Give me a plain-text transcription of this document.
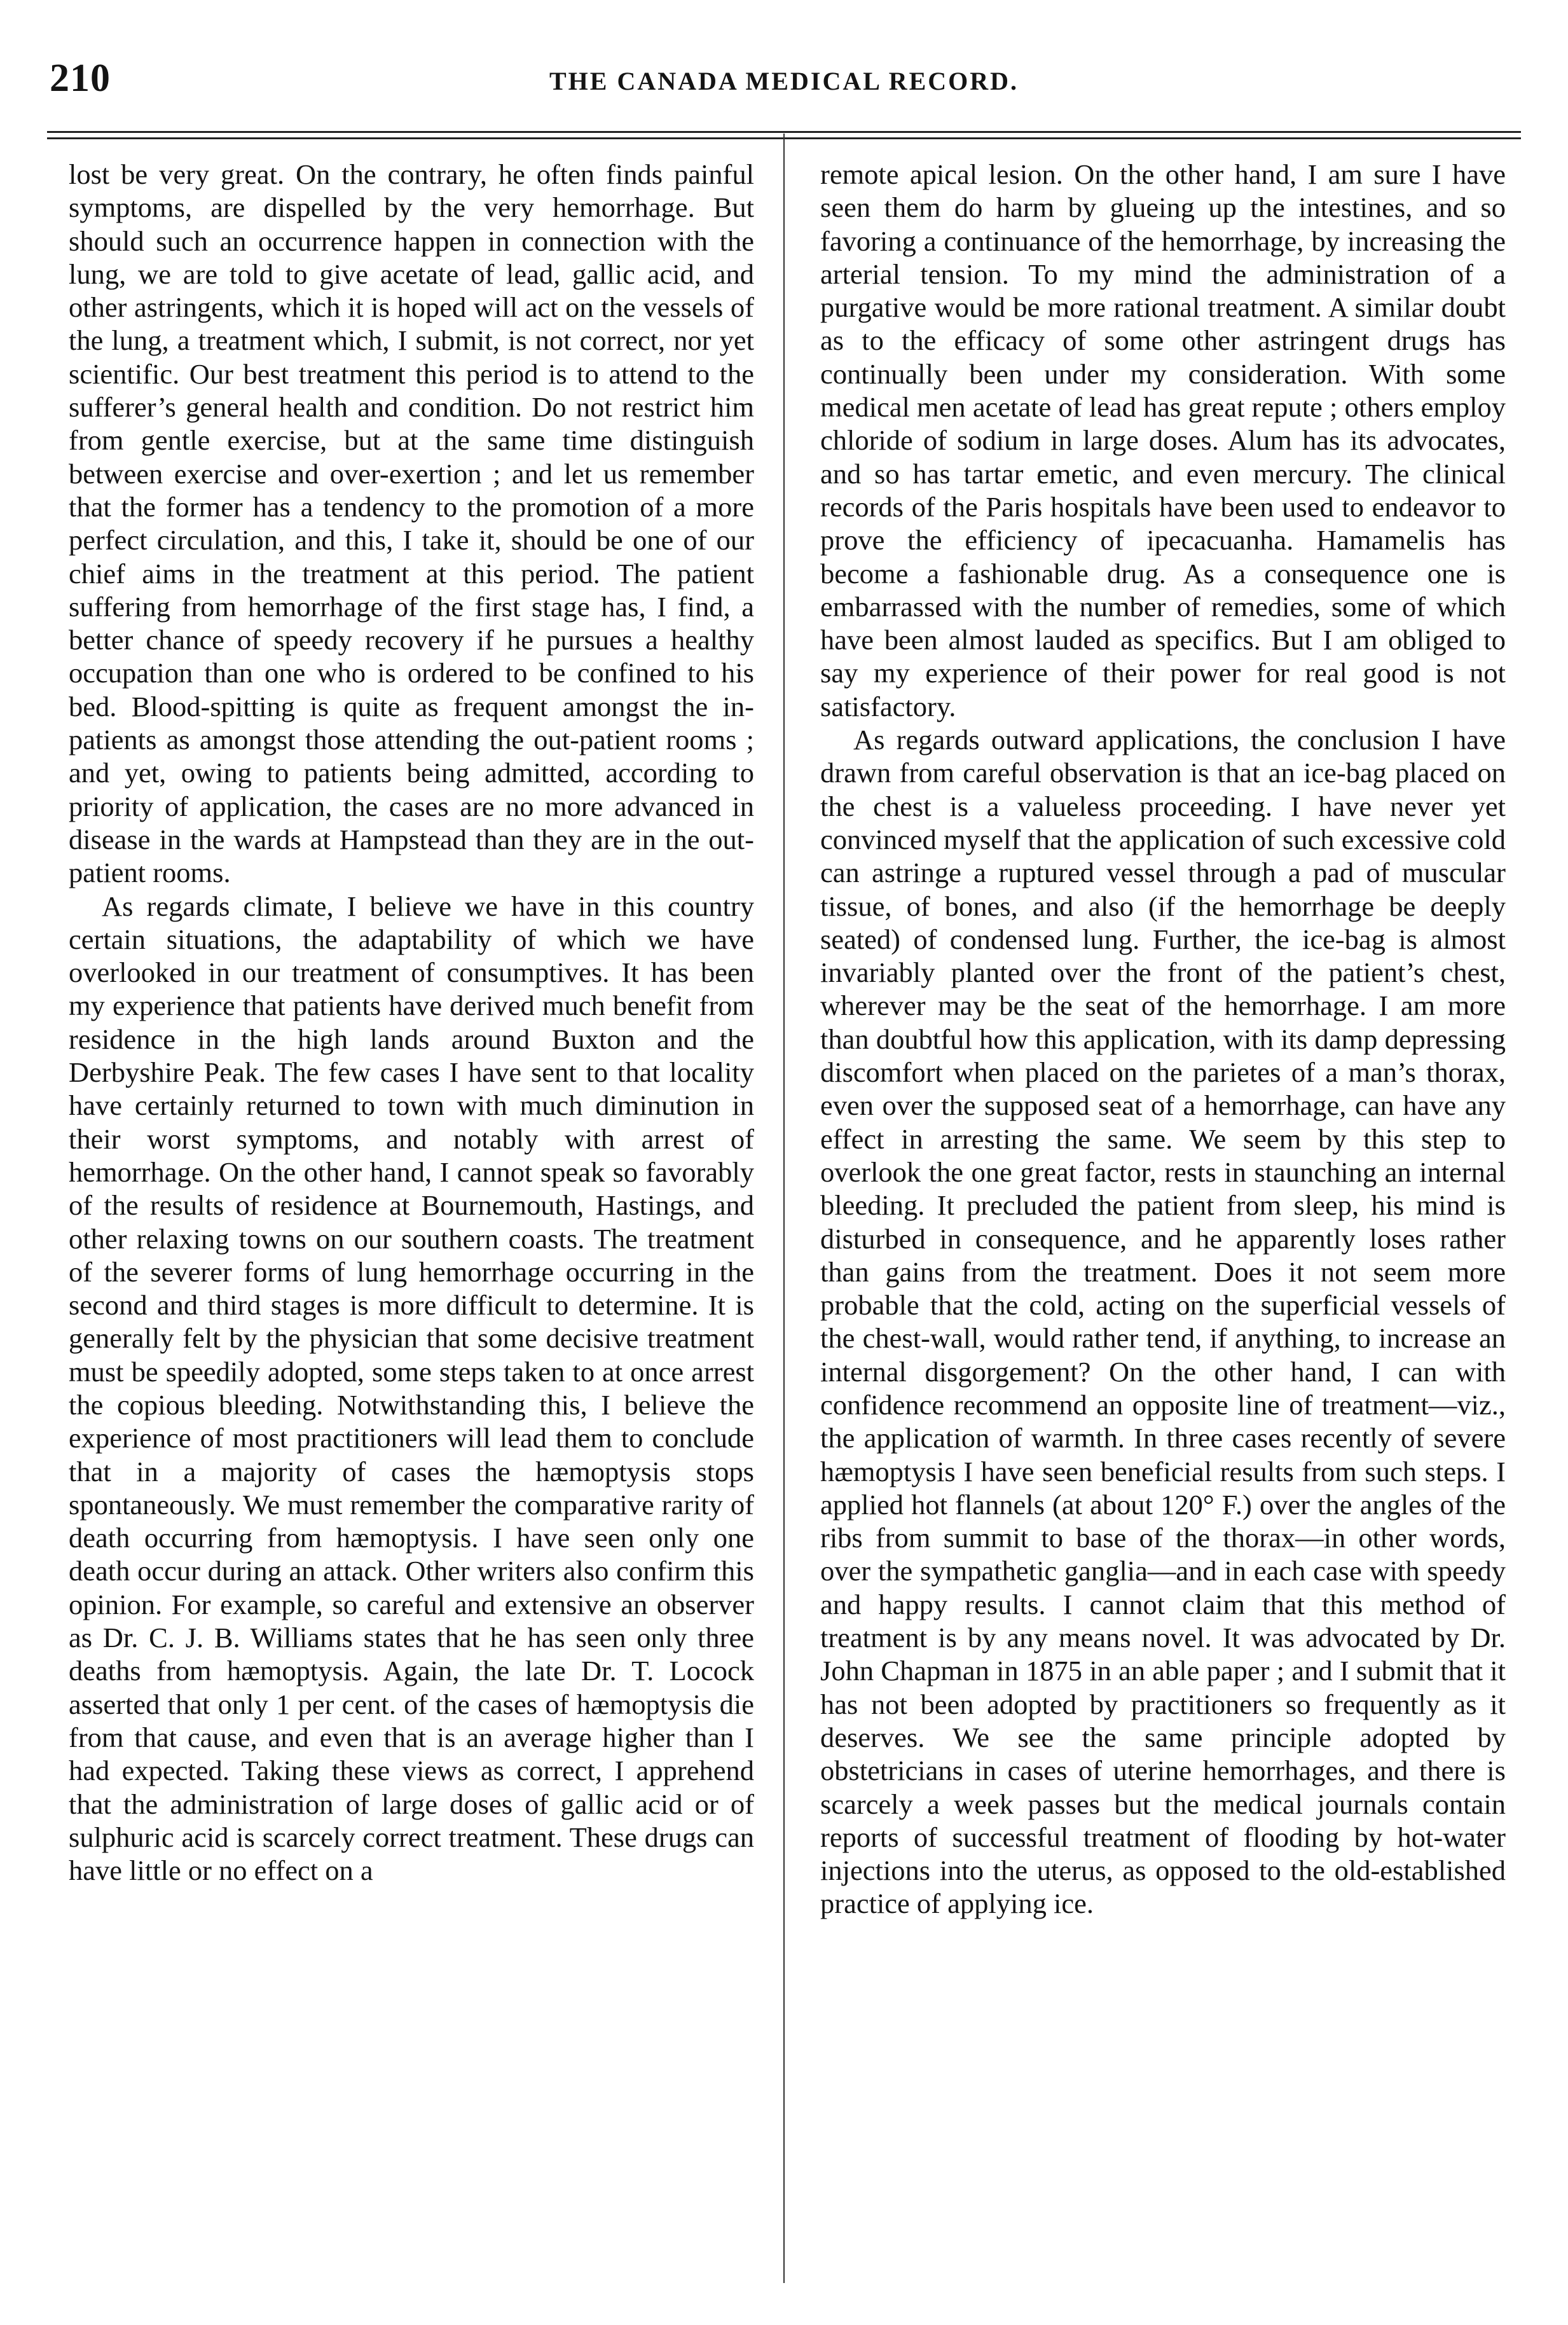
210	THE CANADA MEDICAL RECORD.

lost be very great. On the contrary, he often finds painful symptoms, are dispelled by the very hemorrhage. But should such an occurrence happen in connection with the lung, we are told to give acetate of lead, gallic acid, and other astringents, which it is hoped will act on the vessels of the lung, a treatment which, I submit, is not correct, nor yet scientific. Our best treatment this period is to attend to the sufferer’s general health and condition. Do not restrict him from gentle exercise, but at the same time distinguish between exercise and over-exertion ; and let us remember that the former has a tendency to the promotion of a more perfect circulation, and this, I take it, should be one of our chief aims in the treatment at this period. The patient suffering from hemorrhage of the first stage has, I find, a better chance of speedy recovery if he pursues a healthy occupation than one who is ordered to be confined to his bed. Blood-spitting is quite as frequent amongst the in-patients as amongst those attending the out-patient rooms ; and yet, owing to patients being admitted, according to priority of application, the cases are no more advanced in disease in the wards at Hampstead than they are in the out-patient rooms.

As regards climate, I believe we have in this country certain situations, the adaptability of which we have overlooked in our treatment of consumptives. It has been my experience that patients have derived much benefit from residence in the high lands around Buxton and the Derbyshire Peak. The few cases I have sent to that locality have certainly returned to town with much diminution in their worst symptoms, and notably with arrest of hemorrhage. On the other hand, I cannot speak so favorably of the results of residence at Bournemouth, Hastings, and other relaxing towns on our southern coasts. The treatment of the severer forms of lung hemorrhage occurring in the second and third stages is more difficult to determine. It is generally felt by the physician that some decisive treatment must be speedily adopted, some steps taken to at once arrest the copious bleeding. Notwithstanding this, I believe the experience of most practitioners will lead them to conclude that in a majority of cases the hæmoptysis stops spontaneously. We must remember the comparative rarity of death occurring from hæmoptysis. I have seen only one death occur during an attack. Other writers also confirm this opinion. For example, so careful and extensive an observer as Dr. C. J. B. Williams states that he has seen only three deaths from hæmoptysis. Again, the late Dr. T. Locock asserted that only 1 per cent. of the cases of hæmoptysis die from that cause, and even that is an average higher than I had expected. Taking these views as correct, I apprehend that the administration of large doses of gallic acid or of sulphuric acid is scarcely correct treatment. These drugs can have little or no effect on a

remote apical lesion. On the other hand, I am sure I have seen them do harm by glueing up the intestines, and so favoring a continuance of the hemorrhage, by increasing the arterial tension. To my mind the administration of a purgative would be more rational treatment. A similar doubt as to the efficacy of some other astringent drugs has continually been under my consideration. With some medical men acetate of lead has great repute ; others employ chloride of sodium in large doses. Alum has its advocates, and so has tartar emetic, and even mercury. The clinical records of the Paris hospitals have been used to endeavor to prove the efficiency of ipecacuanha. Hamamelis has become a fashionable drug. As a consequence one is embarrassed with the number of remedies, some of which have been almost lauded as specifics. But I am obliged to say my experience of their power for real good is not satisfactory.

As regards outward applications, the conclusion I have drawn from careful observation is that an ice-bag placed on the chest is a valueless proceeding. I have never yet convinced myself that the application of such excessive cold can astringe a ruptured vessel through a pad of muscular tissue, of bones, and also (if the hemorrhage be deeply seated) of condensed lung. Further, the ice-bag is almost invariably planted over the front of the patient’s chest, wherever may be the seat of the hemorrhage. I am more than doubtful how this application, with its damp depressing discomfort when placed on the parietes of a man’s thorax, even over the supposed seat of a hemorrhage, can have any effect in arresting the same. We seem by this step to overlook the one great factor, rests in staunching an internal bleeding. It precluded the patient from sleep, his mind is disturbed in consequence, and he apparently loses rather than gains from the treatment. Does it not seem more probable that the cold, acting on the superficial vessels of the chest-wall, would rather tend, if anything, to increase an internal disgorgement? On the other hand, I can with confidence recommend an opposite line of treatment—viz., the application of warmth. In three cases recently of severe hæmoptysis I have seen beneficial results from such steps. I applied hot flannels (at about 120° F.) over the angles of the ribs from summit to base of the thorax—in other words, over the sympathetic ganglia—and in each case with speedy and happy results. I cannot claim that this method of treatment is by any means novel. It was advocated by Dr. John Chapman in 1875 in an able paper ; and I submit that it has not been adopted by practitioners so frequently as it deserves. We see the same principle adopted by obstetricians in cases of uterine hemorrhages, and there is scarcely a week passes but the medical journals contain reports of successful treatment of flooding by hot-water injections into the uterus, as opposed to the old-established practice of applying ice.
